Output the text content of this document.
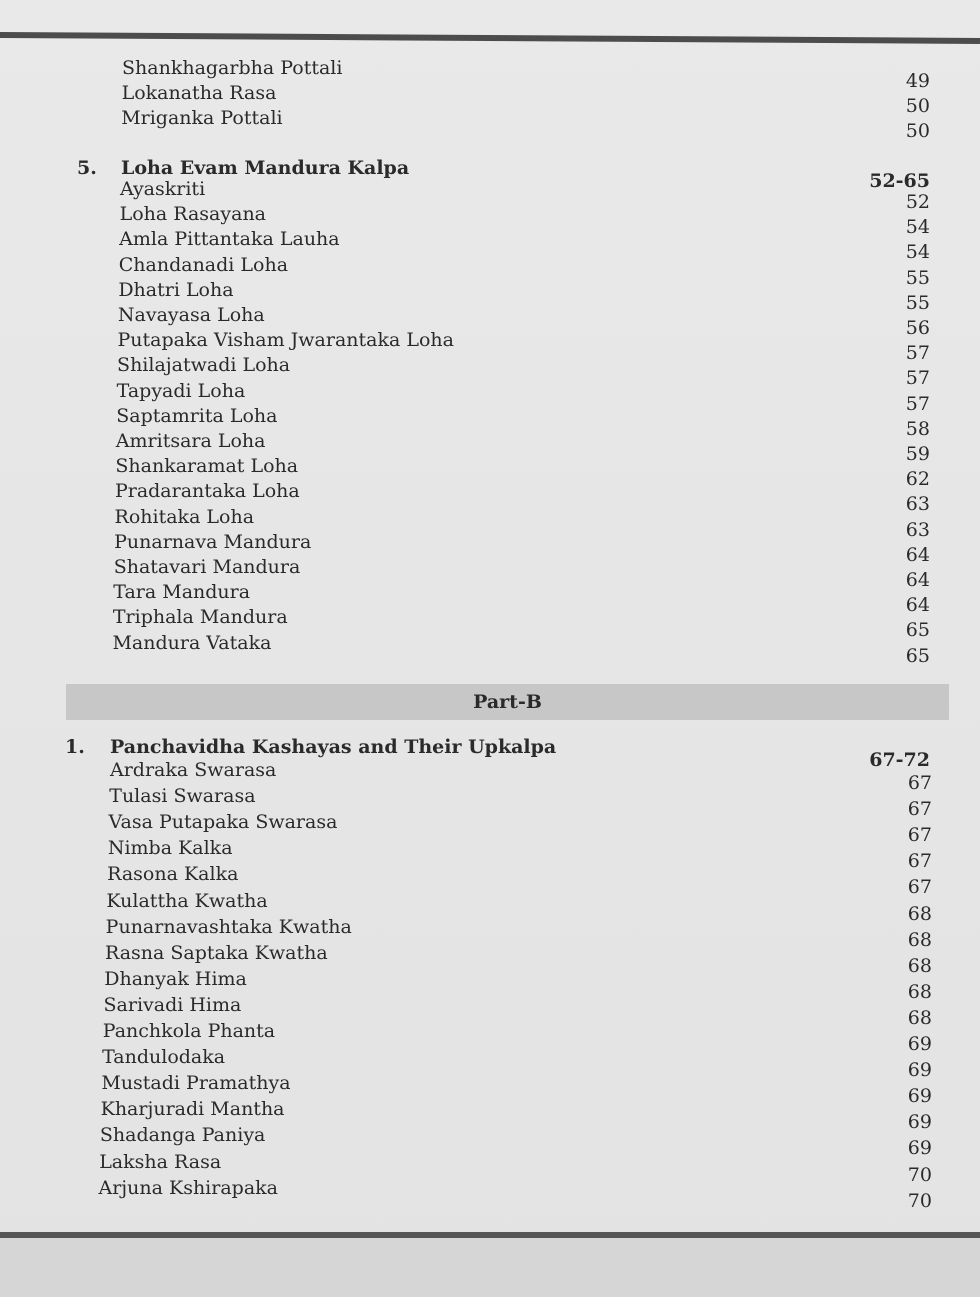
Shankhagarbha Pottali
49
Lokanatha Rasa
50
Mriganka Pottali
50
5. Loha Evam Mandura Kalpa
52-65
Ayaskriti
52
Loha Rasayana
54
Amla Pittantaka Lauha
54
Chandanadi Loha
55
Dhatri Loha
55
Navayasa Loha
56
Putapaka Visham Jwarantaka Loha
57
Shilajatwadi Loha
57
Tapyadi Loha
57
Saptamrita Loha
58
Amritsara Loha
59
Shankaramat Loha
62
Pradarantaka Loha
63
Rohitaka Loha
63
Punarnava Mandura
64
Shatavari Mandura
64
Tara Mandura
64
Triphala Mandura
65
Mandura Vataka
65
1. Panchavidha Kashayas and Their Upkalpa
67-72
Ardraka Swarasa
67
Tulasi Swarasa
67
Vasa Putapaka Swarasa
67
Nimba Kalka
67
Rasona Kalka
67
Kulattha Kwatha
68
Punarnavashtaka Kwatha
68
Rasna Saptaka Kwatha
68
Dhanyak Hima
68
Sarivadi Hima
68
Panchkola Phanta
69
Tandulodaka
69
Mustadi Pramathya
69
Kharjuradi Mantha
69
Shadanga Paniya
69
Laksha Rasa
70
Arjuna Kshirapaka
70
Part-B
